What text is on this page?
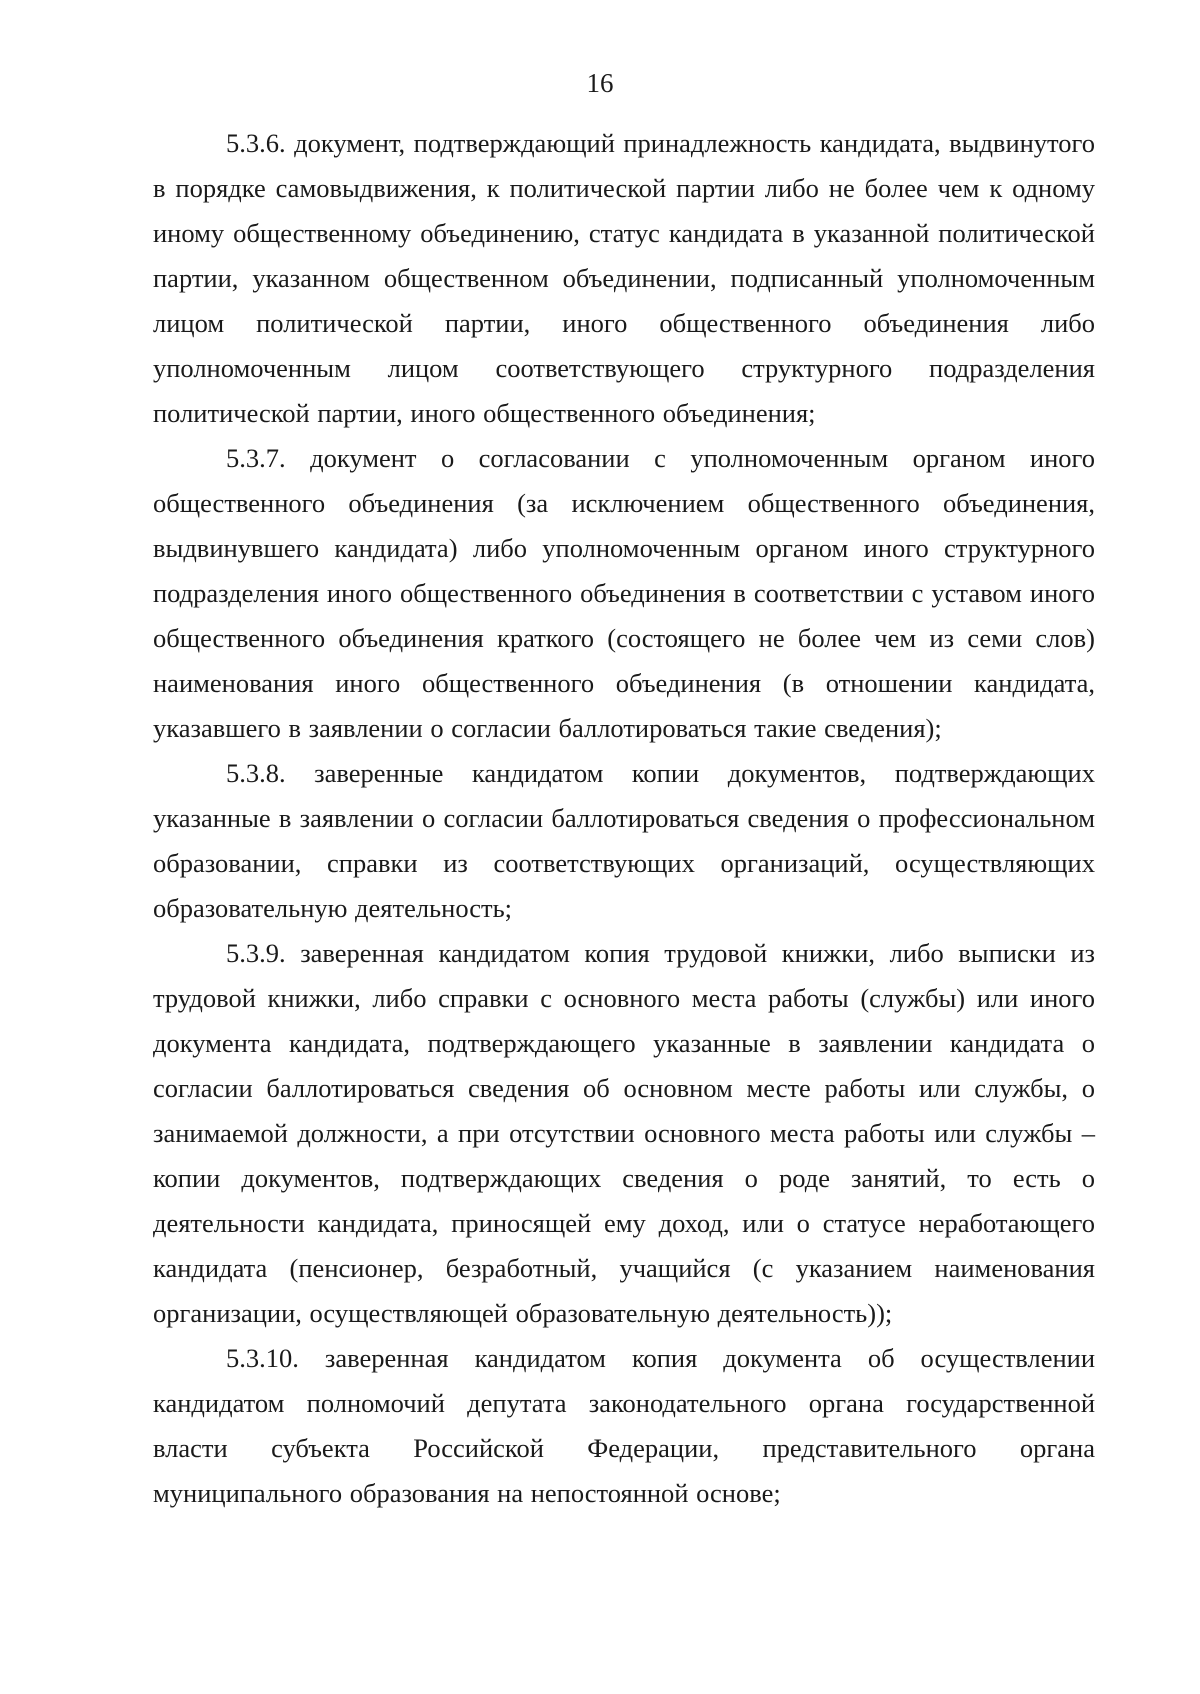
16

5.3.6. документ, подтверждающий принадлежность кандидата, выдвинутого в порядке самовыдвижения, к политической партии либо не более чем к одному иному общественному объединению, статус кандидата в указанной политической партии, указанном общественном объединении, подписанный уполномоченным лицом политической партии, иного общественного объединения либо уполномоченным лицом соответствующего структурного подразделения политической партии, иного общественного объединения;

5.3.7. документ о согласовании с уполномоченным органом иного общественного объединения (за исключением общественного объединения, выдвинувшего кандидата) либо уполномоченным органом иного структурного подразделения иного общественного объединения в соответствии с уставом иного общественного объединения краткого (состоящего не более чем из семи слов) наименования иного общественного объединения (в отношении кандидата, указавшего в заявлении о согласии баллотироваться такие сведения);

5.3.8. заверенные кандидатом копии документов, подтверждающих указанные в заявлении о согласии баллотироваться сведения о профессиональном образовании, справки из соответствующих организаций, осуществляющих образовательную деятельность;

5.3.9. заверенная кандидатом копия трудовой книжки, либо выписки из трудовой книжки, либо справки с основного места работы (службы) или иного документа кандидата, подтверждающего указанные в заявлении кандидата о согласии баллотироваться сведения об основном месте работы или службы, о занимаемой должности, а при отсутствии основного места работы или службы – копии документов, подтверждающих сведения о роде занятий, то есть о деятельности кандидата, приносящей ему доход, или о статусе неработающего кандидата (пенсионер, безработный, учащийся (с указанием наименования организации, осуществляющей образовательную деятельность));

5.3.10. заверенная кандидатом копия документа об осуществлении кандидатом полномочий депутата законодательного органа государственной власти субъекта Российской Федерации, представительного органа муниципального образования на непостоянной основе;
